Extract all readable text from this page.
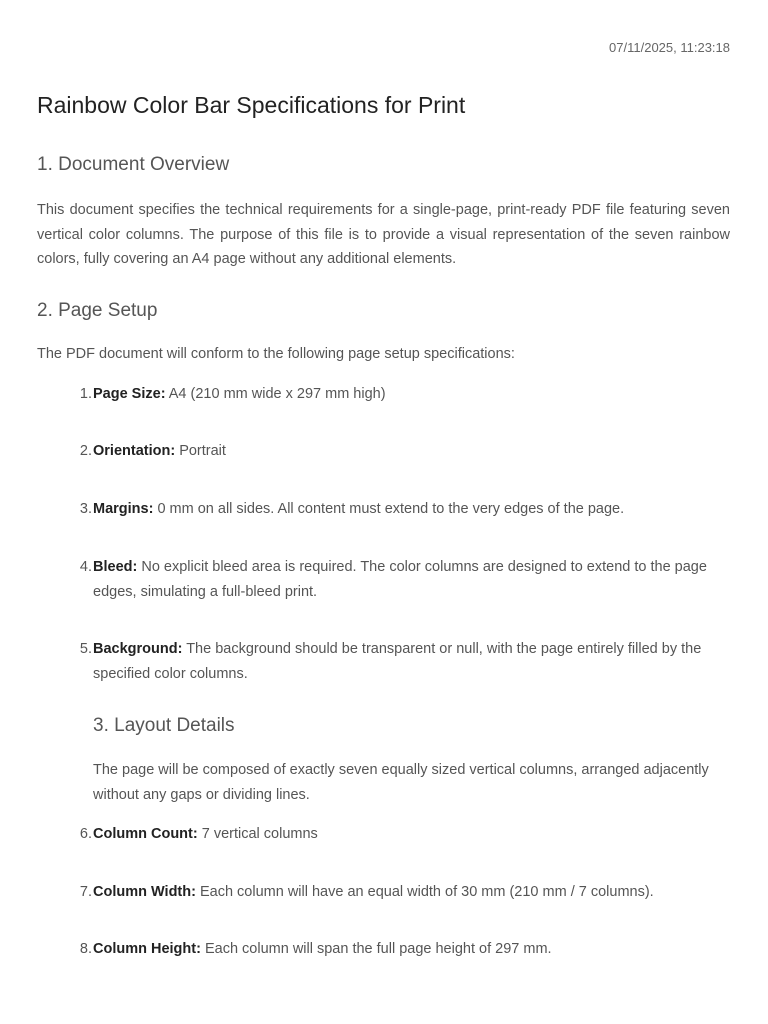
07/11/2025, 11:23:18
Rainbow Color Bar Specifications for Print
1. Document Overview

This document specifies the technical requirements for a single-page, print-ready PDF file featuring seven vertical color columns. The purpose of this file is to provide a visual representation of the seven rainbow colors, fully covering an A4 page without any additional elements.

2. Page Setup

The PDF document will conform to the following page setup specifications:

1. Page Size: A4 (210 mm wide x 297 mm high)
2. Orientation: Portrait
3. Margins: 0 mm on all sides. All content must extend to the very edges of the page.
4. Bleed: No explicit bleed area is required. The color columns are designed to extend to the page edges, simulating a full-bleed print.
5. Background: The background should be transparent or null, with the page entirely filled by the specified color columns.
3. Layout Details

The page will be composed of exactly seven equally sized vertical columns, arranged adjacently without any gaps or dividing lines.

6. Column Count: 7 vertical columns
7. Column Width: Each column will have an equal width of 30 mm (210 mm / 7 columns).
8. Column Height: Each column will span the full page height of 297 mm.
